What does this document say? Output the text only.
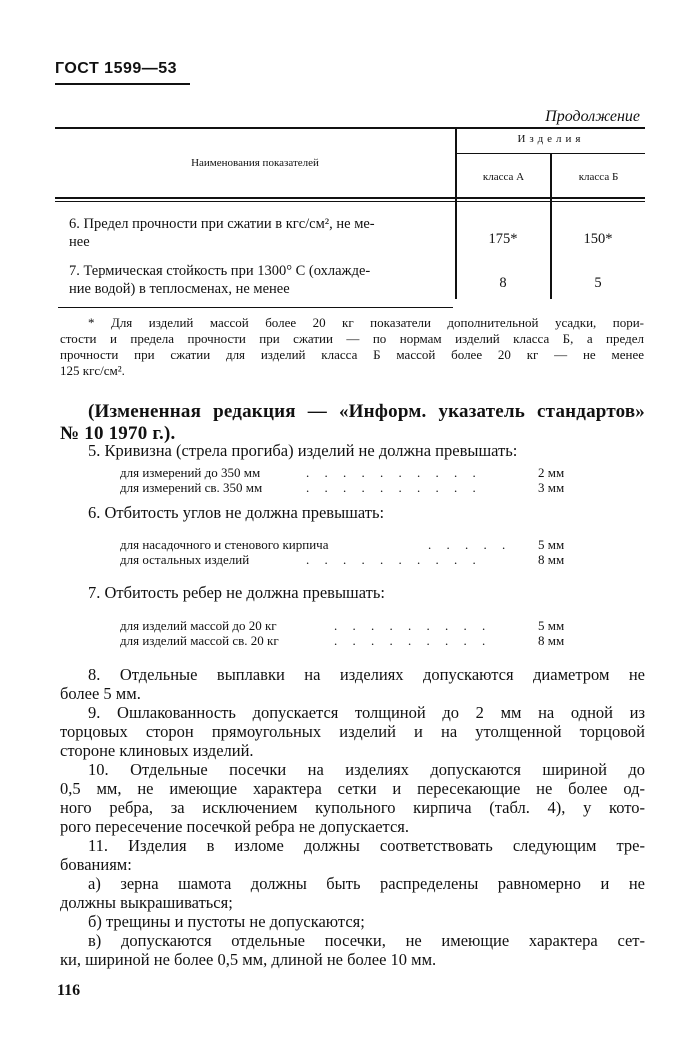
ГОСТ 1599—53
Продолжение
Наименования показателей
Изделия
класса А	класса Б
6. Предел прочности при сжатии в кгс/см², не ме-
нее	175*	150*
7. Термическая стойкость при 1300° С (охлажде-
ние водой) в теплосменах, не менее	8	5
* Для изделий массой более 20 кг показатели дополнительной усадки, пори-
стости и предела прочности при сжатии — по нормам изделий класса Б, а предел
прочности при сжатии для изделий класса Б массой более 20 кг — не менее
125 кгс/см².
(Измененная редакция — «Информ. указатель стандартов»
№ 10 1970 г.).
5. Кривизна (стрела прогиба) изделий не должна превышать:
для измерений до 350 мм	. . . . . . . . . .	2 мм
для измерений св. 350 мм	. . . . . . . . . .	3 мм
6. Отбитость углов не должна превышать:
для насадочного и стенового кирпича	. . . . . 5 мм
для остальных изделий	. . . . . . . . . .	8 мм
7. Отбитость ребер не должна превышать:
для изделий массой до 20 кг	. . . . . . . . .	5 мм
для изделий массой св. 20 кг	. . . . . . . . .	8 мм
8. Отдельные выплавки на изделиях допускаются диаметром не
более 5 мм.
9. Ошлакованность допускается толщиной до 2 мм на одной из
торцовых сторон прямоугольных изделий и на утолщенной торцовой
стороне клиновых изделий.
10. Отдельные посечки на изделиях допускаются шириной до
0,5 мм, не имеющие характера сетки и пересекающие не более од-
ного ребра, за исключением купольного кирпича (табл. 4), у кото-
рого пересечение посечкой ребра не допускается.
11. Изделия в изломе должны соответствовать следующим тре-
бованиям:
а) зерна шамота должны быть распределены равномерно и не
должны выкрашиваться;
б) трещины и пустоты не допускаются;
в) допускаются отдельные посечки, не имеющие характера сет-
ки, шириной не более 0,5 мм, длиной не более 10 мм.
116
